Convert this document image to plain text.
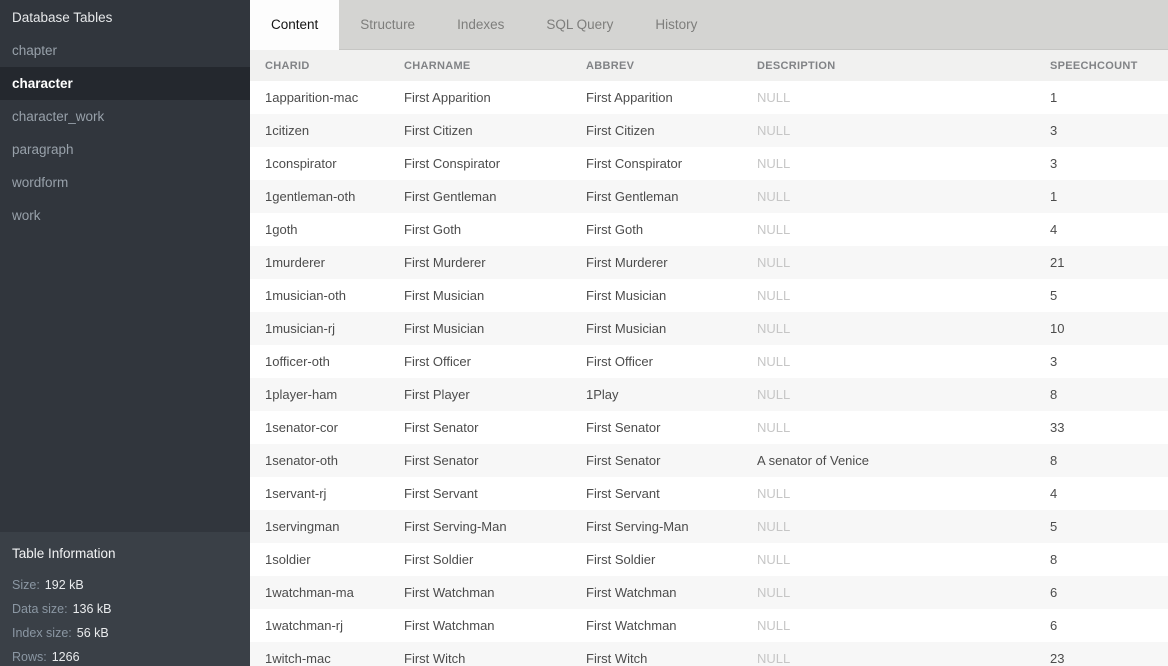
Database Tables
chapter
character
character_work
paragraph
wordform
work
Table Information
Size: 192 kB
Data size: 136 kB
Index size: 56 kB
Rows: 1266
Content	Structure	Indexes	SQL Query	History
CHARID	CHARNAME	ABBREV	DESCRIPTION	SPEECHCOUNT
1apparition-mac	First Apparition	First Apparition	NULL	1
1citizen	First Citizen	First Citizen	NULL	3
1conspirator	First Conspirator	First Conspirator	NULL	3
1gentleman-oth	First Gentleman	First Gentleman	NULL	1
1goth	First Goth	First Goth	NULL	4
1murderer	First Murderer	First Murderer	NULL	21
1musician-oth	First Musician	First Musician	NULL	5
1musician-rj	First Musician	First Musician	NULL	10
1officer-oth	First Officer	First Officer	NULL	3
1player-ham	First Player	1Play	NULL	8
1senator-cor	First Senator	First Senator	NULL	33
1senator-oth	First Senator	First Senator	A senator of Venice	8
1servant-rj	First Servant	First Servant	NULL	4
1servingman	First Serving-Man	First Serving-Man	NULL	5
1soldier	First Soldier	First Soldier	NULL	8
1watchman-ma	First Watchman	First Watchman	NULL	6
1watchman-rj	First Watchman	First Watchman	NULL	6
1witch-mac	First Witch	First Witch	NULL	23
